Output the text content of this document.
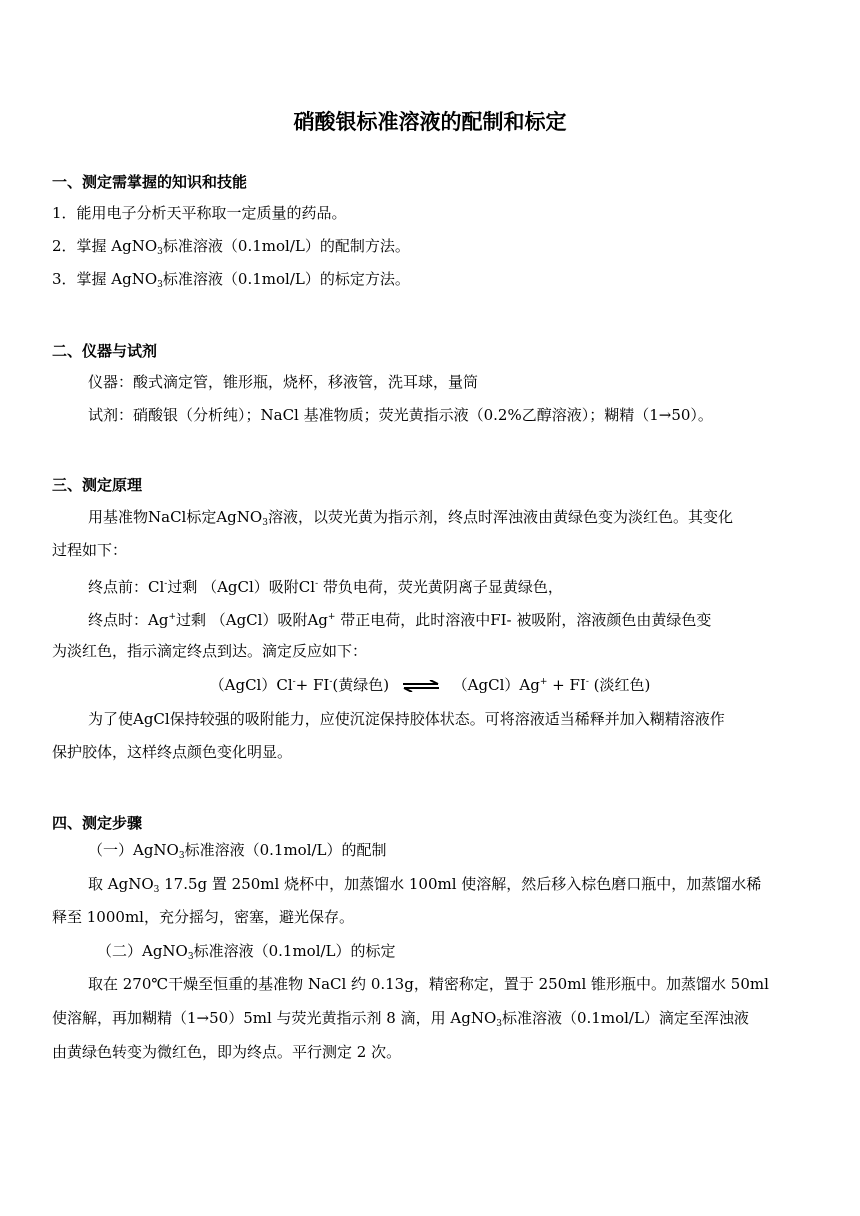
硝酸银标准溶液的配制和标定
一、测定需掌握的知识和技能
1．能用电子分析天平称取一定质量的药品。
2．掌握 AgNO$_3$标准溶液（0.1mol/L）的配制方法。
3．掌握 AgNO$_3$标准溶液（0.1mol/L）的标定方法。
二、仪器与试剂
仪器：酸式滴定管，锥形瓶，烧杯，移液管，洗耳球，量筒
试剂：硝酸银（分析纯）；NaCl 基准物质；荧光黄指示液（0.2%乙醇溶液）；糊精（1→50）。
三、测定原理
用基准物NaCl标定AgNO$_3$溶液，以荧光黄为指示剂，终点时浑浊液由黄绿色变为淡红色。其变化
过程如下：
终点前：Cl-过剩 （AgCl）吸附Cl- 带负电荷，荧光黄阴离子显黄绿色，
终点时：Ag+过剩 （AgCl）吸附Ag+ 带正电荷，此时溶液中FI- 被吸附，溶液颜色由黄绿色变
为淡红色，指示滴定终点到达。滴定反应如下：
（AgCl）Cl-+ FI-(黄绿色) ⇌ （AgCl）Ag+ + FI- (淡红色)
为了使AgCl保持较强的吸附能力，应使沉淀保持胶体状态。可将溶液适当稀释并加入糊精溶液作
保护胶体，这样终点颜色变化明显。
四、测定步骤
（一）AgNO$_3$标准溶液（0.1mol/L）的配制
取 AgNO$_3$ 17.5g 置 250ml 烧杯中，加蒸馏水 100ml 使溶解，然后移入棕色磨口瓶中，加蒸馏水稀
释至 1000ml，充分摇匀，密塞，避光保存。
（二）AgNO$_3$标准溶液（0.1mol/L）的标定
取在 270℃干燥至恒重的基准物 NaCl 约 0.13g，精密称定，置于 250ml 锥形瓶中。加蒸馏水 50ml
使溶解，再加糊精（1→50）5ml 与荧光黄指示剂 8 滴，用 AgNO$_3$标准溶液（0.1mol/L）滴定至浑浊液
由黄绿色转变为微红色，即为终点。平行测定 2 次。
